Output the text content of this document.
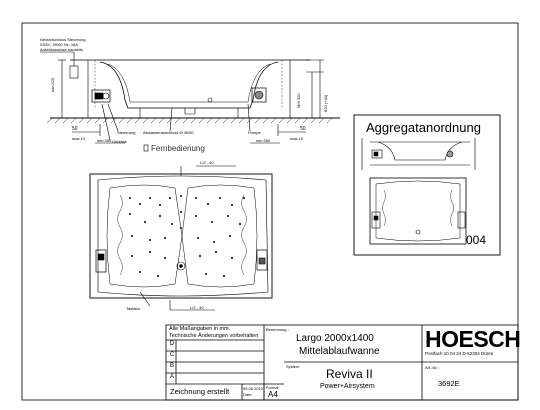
Netzanschluss Steuerung
230V/, 50/60 Hz, 16A
Anschlussdose bauseits
min.520
MM 320	620 (+40)
50	50
min.350	min.350
max.10	max.10
Steuerung Abwasseranschluss Ø 40/50
Gebläse
Pumpe
Fernbedienung
L/2 - 40
L/2 - 40
Tastatur
Aggregatanordnung
004
Alle Maßangaben in mm.
Technische Änderungen vorbehalten
D
C
B
A
Zeichnung erstellt	05.06.2012
Daer
Format
A4
Benennung :
Largo 2000x1400
Mittelablaufwanne
System
Reviva II
Power+Airsystem
HOESCH
Postfach 10 04 24 D-52304 Düren
Art.-Nr.:
3692E
